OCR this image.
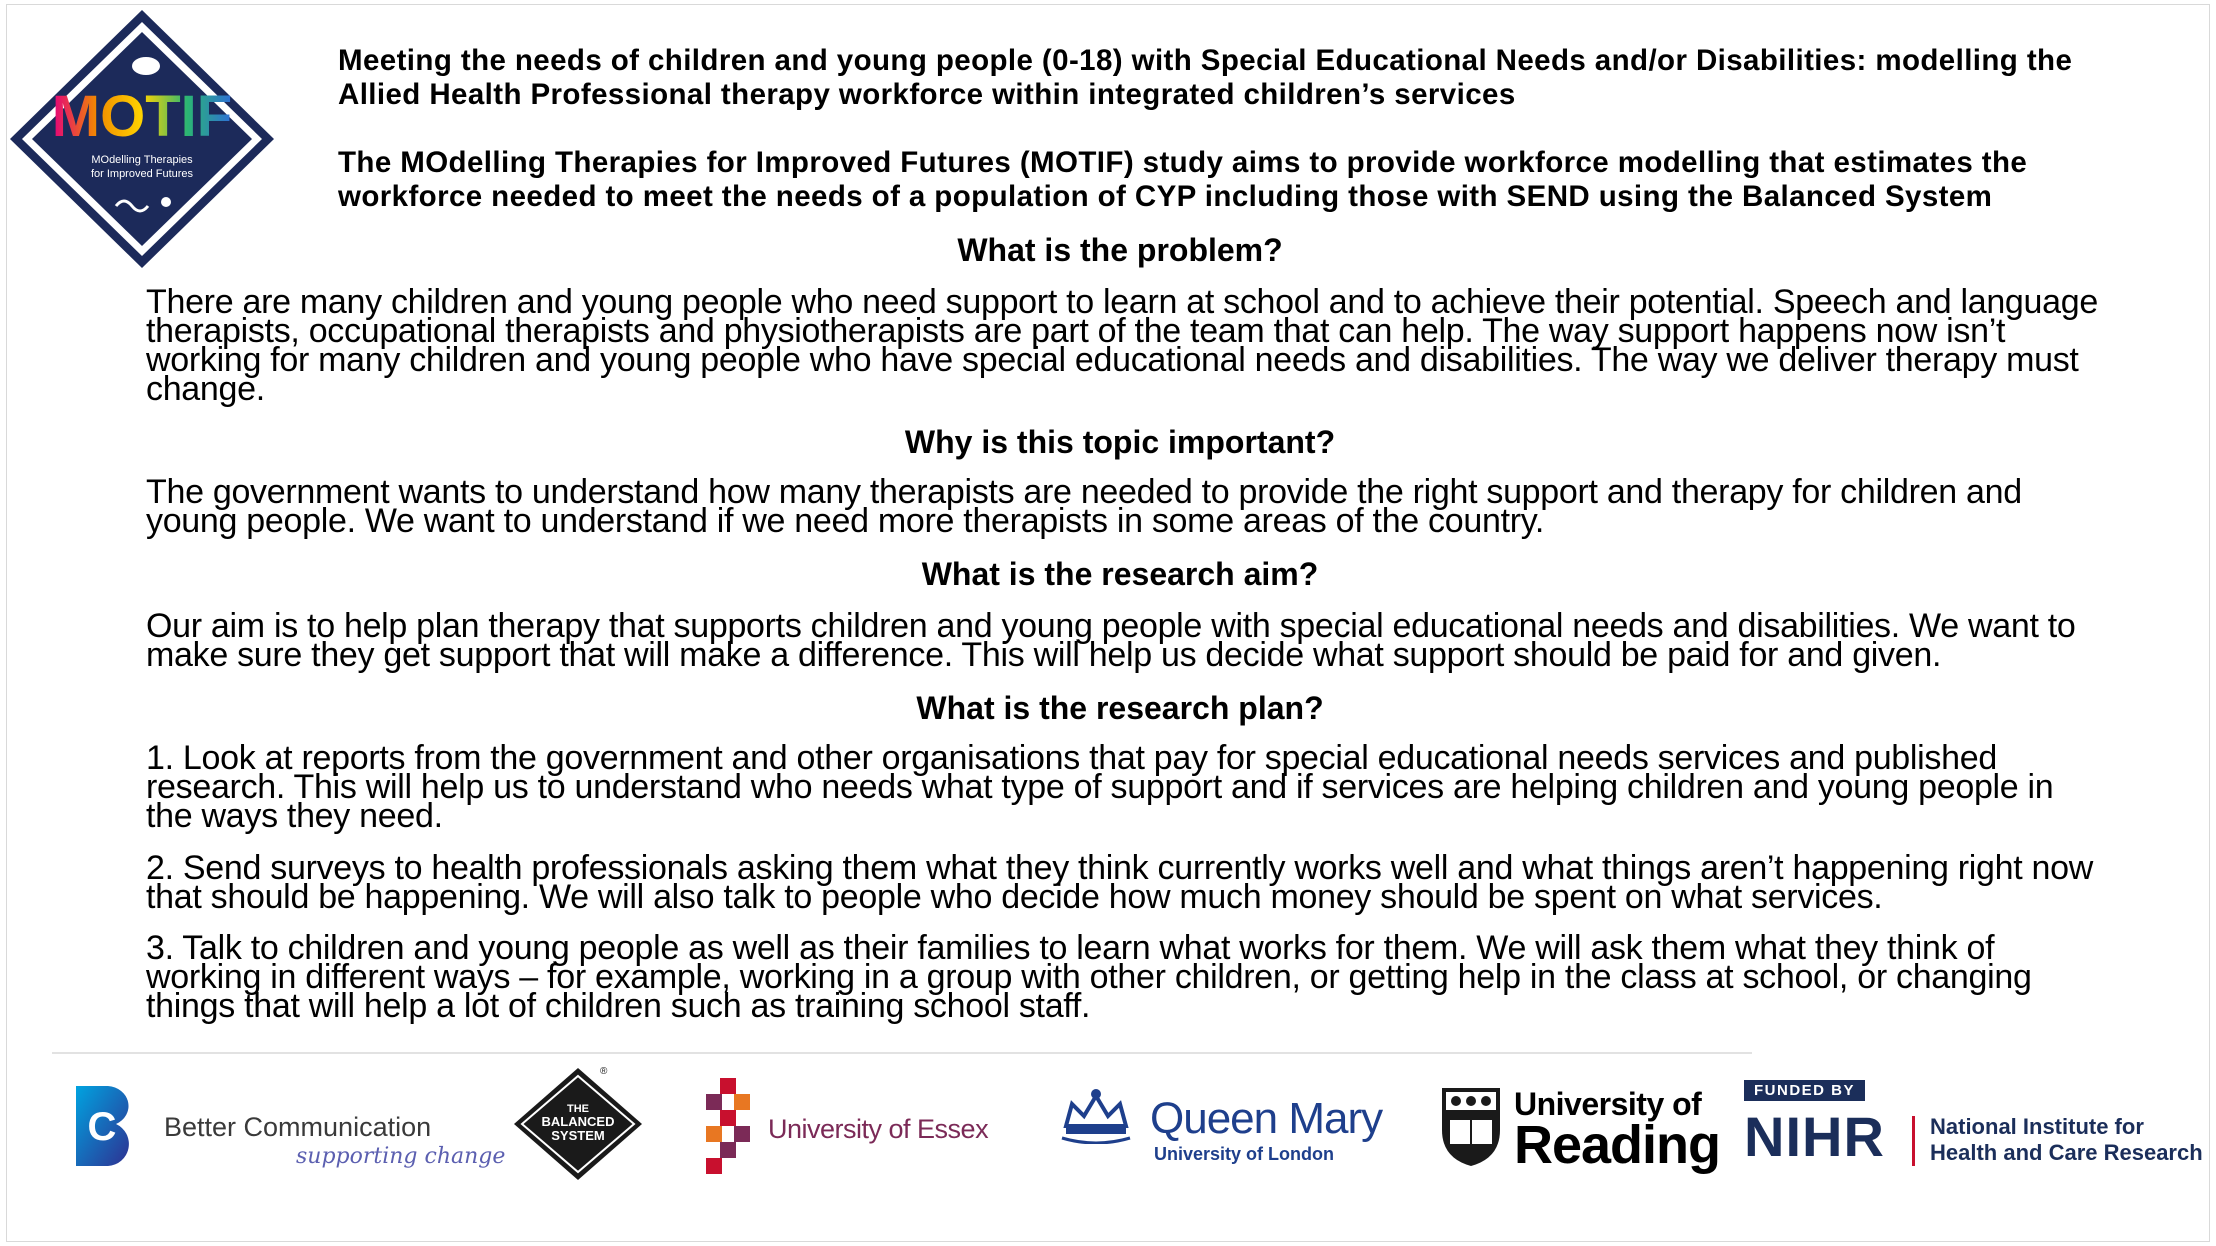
MOTIF
MOdelling Therapies
for Improved Futures

Meeting the needs of children and young people (0-18) with Special Educational Needs and/or Disabilities: modelling the Allied Health Professional therapy workforce within integrated children’s services

The MOdelling Therapies for Improved Futures (MOTIF) study aims to provide workforce modelling that estimates the workforce needed to meet the needs of a population of CYP including those with SEND using the Balanced System

What is the problem?
There are many children and young people who need support to learn at school and to achieve their potential. Speech and language therapists, occupational therapists and physiotherapists are part of the team that can help. The way support happens now isn’t working for many children and young people who have special educational needs and disabilities. The way we deliver therapy must change.
Why is this topic important?
The government wants to understand how many therapists are needed to provide the right support and therapy for children and young people. We want to understand if we need more therapists in some areas of the country.
What is the research aim?
Our aim is to help plan therapy that supports children and young people with special educational needs and disabilities. We want to make sure they get support that will make a difference. This will help us decide what support should be paid for and given.
What is the research plan?
1. Look at reports from the government and other organisations that pay for special educational needs services and published research. This will help us to understand who needs what type of support and if services are helping children and young people in the ways they need.
2. Send surveys to health professionals asking them what they think currently works well and what things aren’t happening right now that should be happening. We will also talk to people who decide how much money should be spent on what services.
3. Talk to children and young people as well as their families to learn what works for them. We will ask them what they think of working in different ways – for example, working in a group with other children, or getting help in the class at school, or changing things that will help a lot of children such as training school staff.
C Better Communication
supporting change
THE
BALANCED
SYSTEM
®
University of Essex	Queen Mary
University of London
University of
Reading
FUNDED BY
NIHR National Institute for
Health and Care Research
